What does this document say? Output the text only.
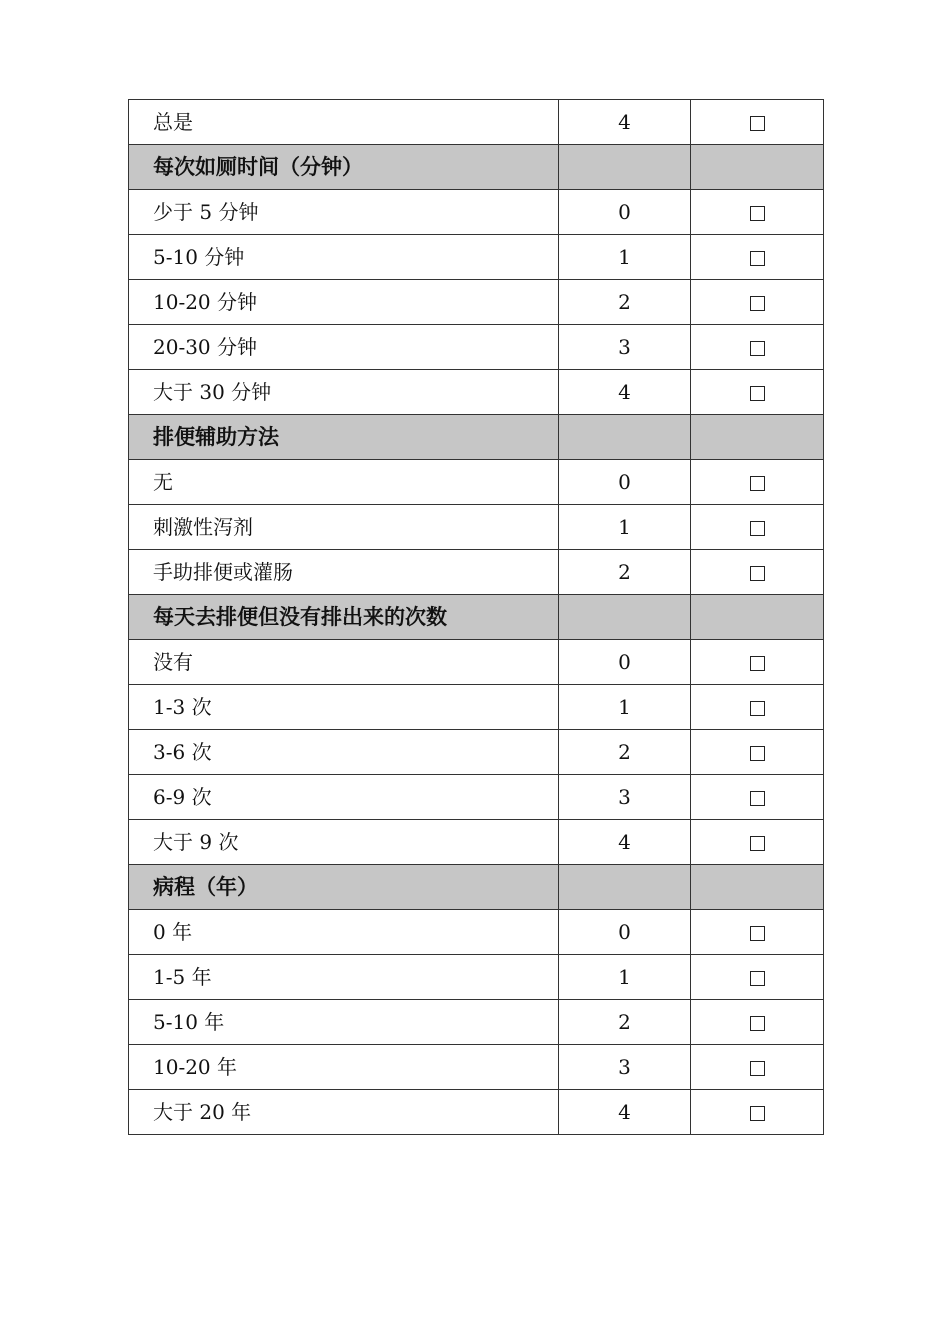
总是	4	
每次如厕时间（分钟）		
少于 5 分钟	0	
5-10 分钟	1	
10-20 分钟	2	
20-30 分钟	3	
大于 30 分钟	4	
排便辅助方法		
无	0	
刺激性泻剂	1	
手助排便或灌肠	2	
每天去排便但没有排出来的次数		
没有	0	
1-3 次	1	
3-6 次	2	
6-9 次	3	
大于 9 次	4	
病程（年）		
0 年	0	
1-5 年	1	
5-10 年	2	
10-20 年	3	
大于 20 年	4	
